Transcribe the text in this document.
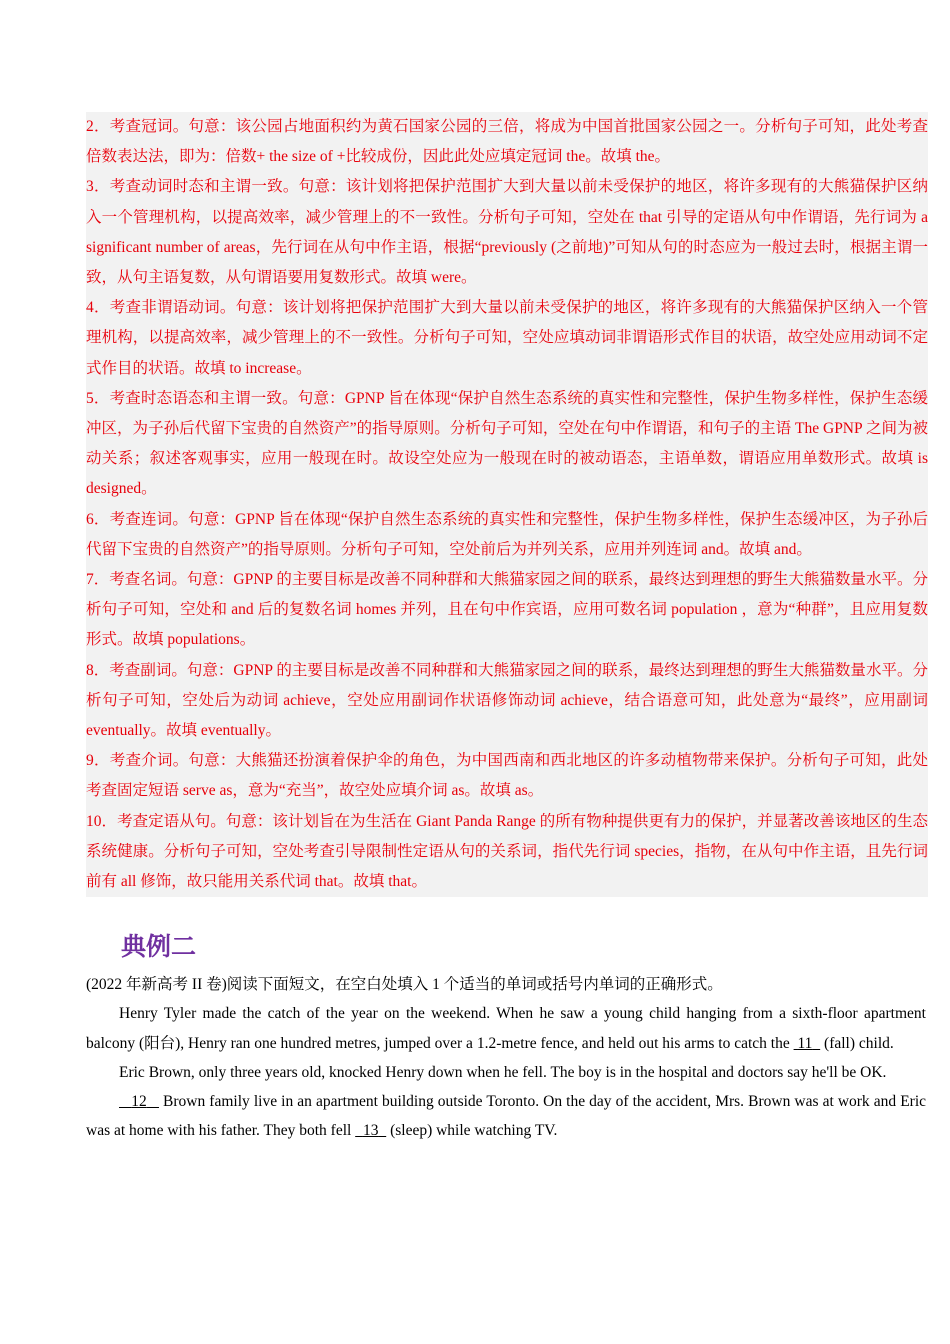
2．考查冠词。句意：该公园占地面积约为黄石国家公园的三倍，将成为中国首批国家公园之一。分析句子可知，此处考查倍数表达法，即为：倍数+ the size of +比较成份，因此此处应填定冠词 the。故填 the。

3．考查动词时态和主谓一致。句意：该计划将把保护范围扩大到大量以前未受保护的地区，将许多现有的大熊猫保护区纳入一个管理机构，以提高效率，减少管理上的不一致性。分析句子可知，空处在 that 引导的定语从句中作谓语，先行词为 a significant number of areas，先行词在从句中作主语，根据“previously (之前地)”可知从句的时态应为一般过去时，根据主谓一致，从句主语复数，从句谓语要用复数形式。故填 were。

4．考查非谓语动词。句意：该计划将把保护范围扩大到大量以前未受保护的地区，将许多现有的大熊猫保护区纳入一个管理机构，以提高效率，减少管理上的不一致性。分析句子可知，空处应填动词非谓语形式作目的状语，故空处应用动词不定式作目的状语。故填 to increase。

5．考查时态语态和主谓一致。句意：GPNP 旨在体现“保护自然生态系统的真实性和完整性，保护生物多样性，保护生态缓冲区，为子孙后代留下宝贵的自然资产”的指导原则。分析句子可知，空处在句中作谓语，和句子的主语 The GPNP 之间为被动关系；叙述客观事实，应用一般现在时。故设空处应为一般现在时的被动语态，主语单数，谓语应用单数形式。故填 is designed。

6．考查连词。句意：GPNP 旨在体现“保护自然生态系统的真实性和完整性，保护生物多样性，保护生态缓冲区，为子孙后代留下宝贵的自然资产”的指导原则。分析句子可知，空处前后为并列关系，应用并列连词 and。故填 and。

7．考查名词。句意：GPNP 的主要目标是改善不同种群和大熊猫家园之间的联系，最终达到理想的野生大熊猫数量水平。分析句子可知，空处和 and 后的复数名词 homes 并列，且在句中作宾语，应用可数名词 population ，意为“种群”，且应用复数形式。故填 populations。

8．考查副词。句意：GPNP 的主要目标是改善不同种群和大熊猫家园之间的联系，最终达到理想的野生大熊猫数量水平。分析句子可知，空处后为动词 achieve，空处应用副词作状语修饰动词 achieve，结合语意可知，此处意为“最终”，应用副词 eventually。故填 eventually。

9．考查介词。句意：大熊猫还扮演着保护伞的角色，为中国西南和西北地区的许多动植物带来保护。分析句子可知，此处考查固定短语 serve as，意为“充当”，故空处应填介词 as。故填 as。

10．考查定语从句。句意：该计划旨在为生活在 Giant Panda Range 的所有物种提供更有力的保护，并显著改善该地区的生态系统健康。分析句子可知，空处考查引导限制性定语从句的关系词，指代先行词 species，指物，在从句中作主语，且先行词前有 all 修饰，故只能用关系代词 that。故填 that。

典例二

(2022 年新高考 II 卷)阅读下面短文，在空白处填入 1 个适当的单词或括号内单词的正确形式。

Henry Tyler made the catch of the year on the weekend. When he saw a young child hanging from a sixth-floor apartment balcony (阳台), Henry ran one hundred metres, jumped over a 1.2-metre fence, and held out his arms to catch the  11   (fall) child.

Eric Brown, only three years old, knocked Henry down when he fell. The boy is in the hospital and doctors say he'll be OK.

12    Brown family live in an apartment building outside Toronto. On the day of the accident, Mrs. Brown was at work and Eric was at home with his father. They both fell   13   (sleep) while watching TV.
